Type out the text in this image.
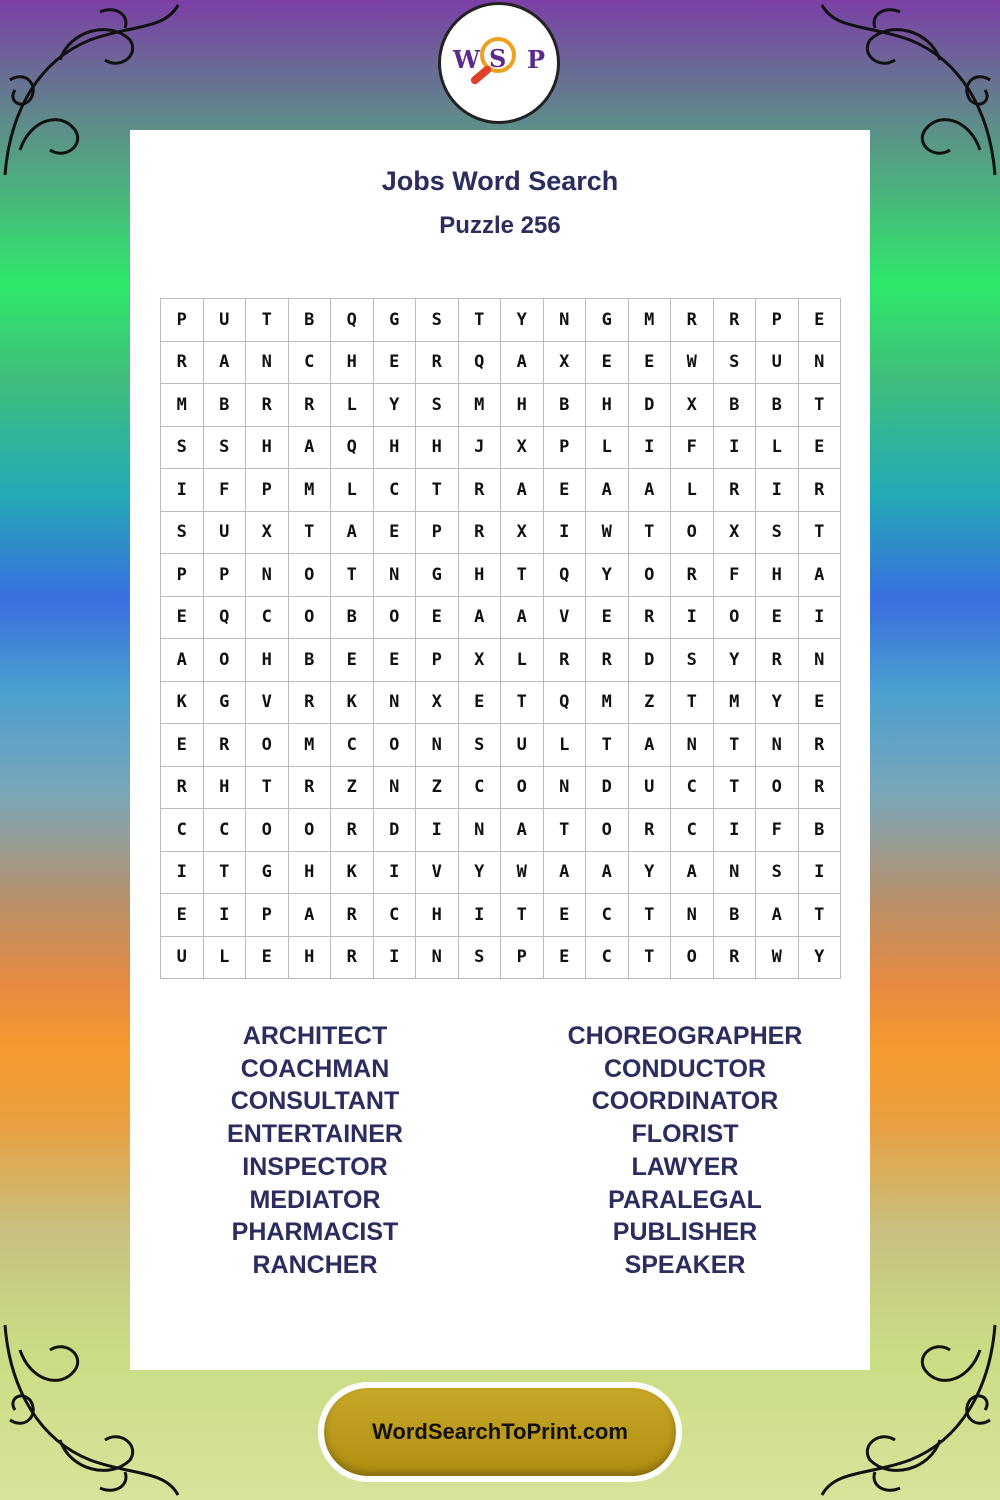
W S P
Jobs Word Search
Puzzle 256
P	U	T	B	Q	G	S	T	Y	N	G	M	R	R	P	E
R	A	N	C	H	E	R	Q	A	X	E	E	W	S	U	N
M	B	R	R	L	Y	S	M	H	B	H	D	X	B	B	T
S	S	H	A	Q	H	H	J	X	P	L	I	F	I	L	E
I	F	P	M	L	C	T	R	A	E	A	A	L	R	I	R
S	U	X	T	A	E	P	R	X	I	W	T	O	X	S	T
P	P	N	O	T	N	G	H	T	Q	Y	O	R	F	H	A
E	Q	C	O	B	O	E	A	A	V	E	R	I	O	E	I
A	O	H	B	E	E	P	X	L	R	R	D	S	Y	R	N
K	G	V	R	K	N	X	E	T	Q	M	Z	T	M	Y	E
E	R	O	M	C	O	N	S	U	L	T	A	N	T	N	R
R	H	T	R	Z	N	Z	C	O	N	D	U	C	T	O	R
C	C	O	O	R	D	I	N	A	T	O	R	C	I	F	B
I	T	G	H	K	I	V	Y	W	A	A	Y	A	N	S	I
E	I	P	A	R	C	H	I	T	E	C	T	N	B	A	T
U	L	E	H	R	I	N	S	P	E	C	T	O	R	W	Y
ARCHITECT
COACHMAN
CONSULTANT
ENTERTAINER
INSPECTOR
MEDIATOR
PHARMACIST
RANCHER
CHOREOGRAPHER
CONDUCTOR
COORDINATOR
FLORIST
LAWYER
PARALEGAL
PUBLISHER
SPEAKER
WordSearchToPrint.com
